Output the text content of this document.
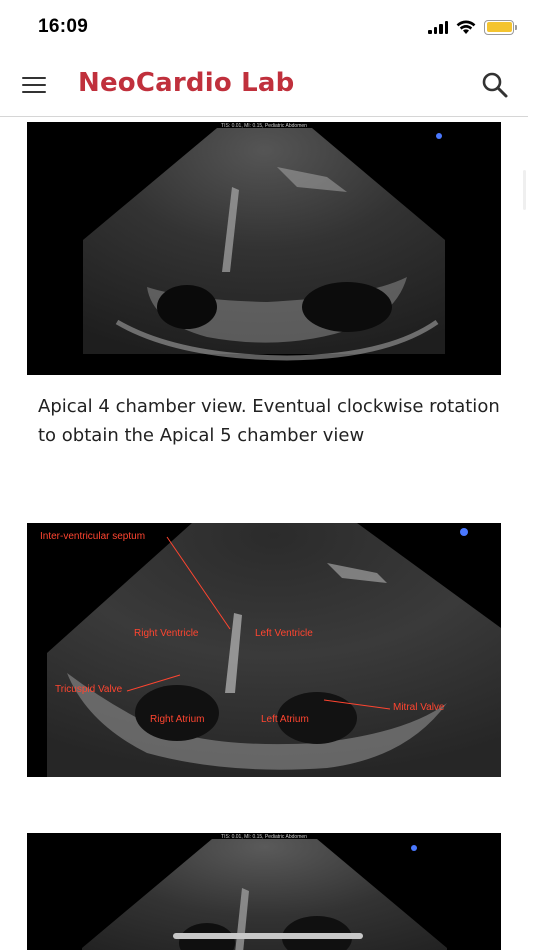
16:09
NeoCardio Lab
TIS: 0.01, MI: 0.15, Pediatric Abdomen

Apical 4 chamber view. Eventual clockwise rotation to obtain the Apical 5 chamber view

Inter-ventricular septum
Right Ventricle	Left Ventricle
Tricuspid Valve
Mitral Valve
Right Atrium	Left Atrium
TIS: 0.01, MI: 0.15, Pediatric Abdomen
